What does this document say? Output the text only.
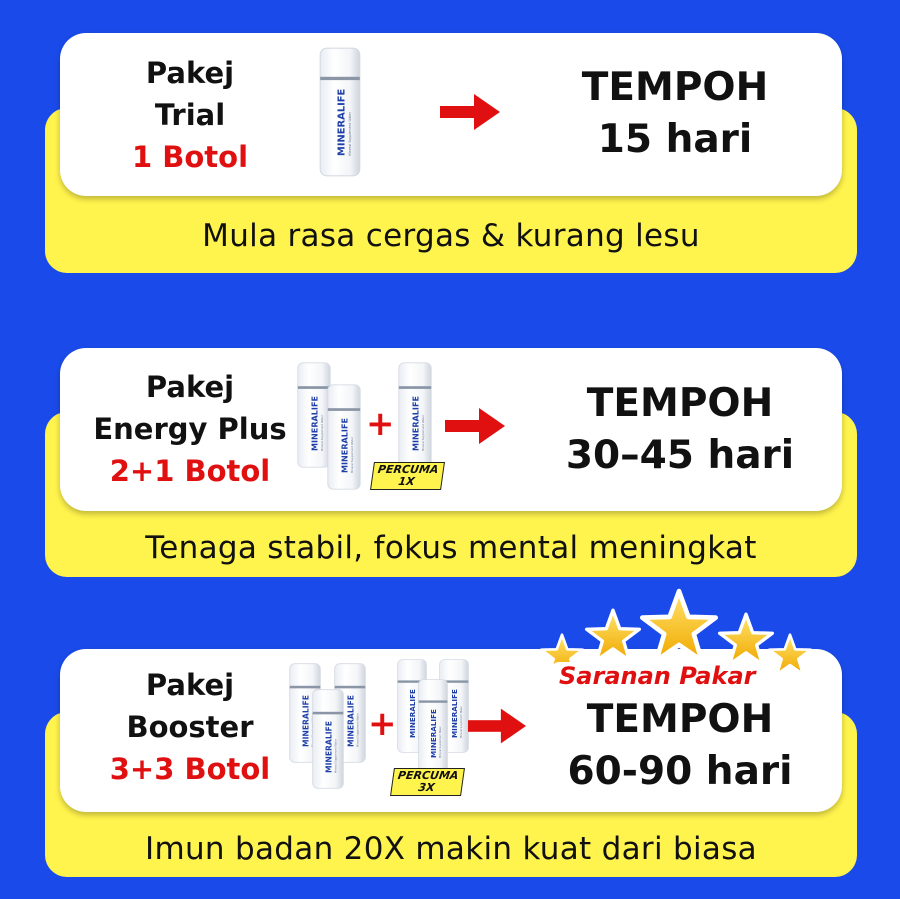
Pakej
Trial
1 Botol
TEMPOH
15 hari
Mula rasa cergas & kurang lesu
Pakej
Energy Plus
2+1 Botol
+
PERCUMA
1X
TEMPOH
30–45 hari
Tenaga stabil, fokus mental meningkat
Pakej
Booster
3+3 Botol
+
PERCUMA
3X
Saranan Pakar
TEMPOH
60-90 hari
Imun badan 20X makin kuat dari biasa
